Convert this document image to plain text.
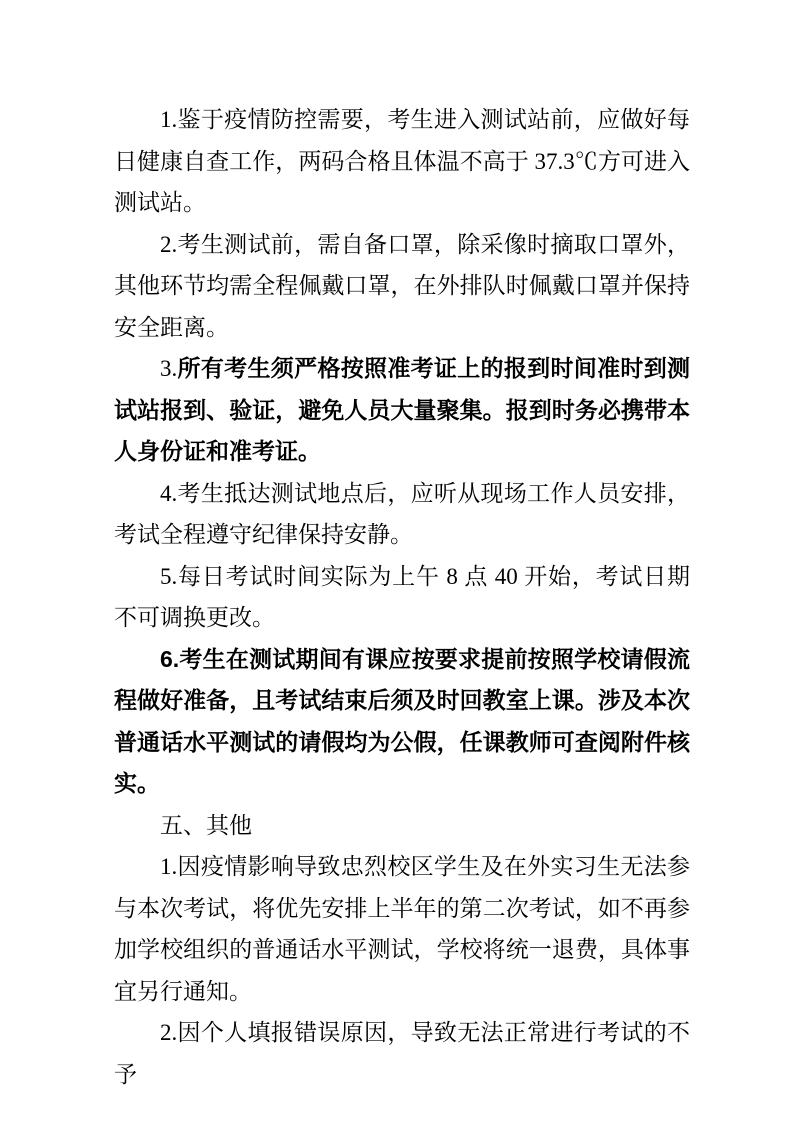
1.鉴于疫情防控需要，考生进入测试站前，应做好每日健康自查工作，两码合格且体温不高于 37.3℃方可进入测试站。

2.考生测试前，需自备口罩，除采像时摘取口罩外，其他环节均需全程佩戴口罩，在外排队时佩戴口罩并保持安全距离。

3.所有考生须严格按照准考证上的报到时间准时到测试站报到、验证，避免人员大量聚集。报到时务必携带本人身份证和准考证。

4.考生抵达测试地点后，应听从现场工作人员安排，考试全程遵守纪律保持安静。

5.每日考试时间实际为上午 8 点 40 开始，考试日期不可调换更改。

6.考生在测试期间有课应按要求提前按照学校请假流程做好准备，且考试结束后须及时回教室上课。涉及本次普通话水平测试的请假均为公假，任课教师可查阅附件核实。

五、其他

1.因疫情影响导致忠烈校区学生及在外实习生无法参与本次考试，将优先安排上半年的第二次考试，如不再参加学校组织的普通话水平测试，学校将统一退费，具体事宜另行通知。

2.因个人填报错误原因，导致无法正常进行考试的不予
